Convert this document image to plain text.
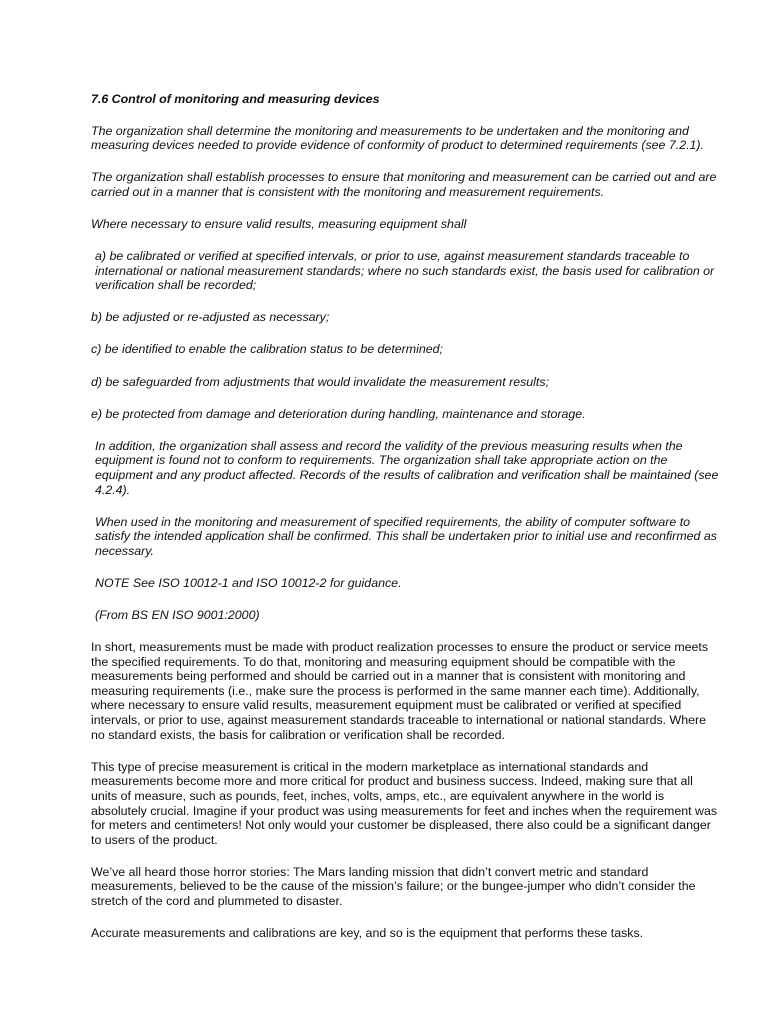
7.6 Control of monitoring and measuring devices
The organization shall determine the monitoring and measurements to be undertaken and the monitoring and measuring devices needed to provide evidence of conformity of product to determined requirements (see 7.2.1).
The organization shall establish processes to ensure that monitoring and measurement can be carried out and are carried out in a manner that is consistent with the monitoring and measurement requirements.
Where necessary to ensure valid results, measuring equipment shall
a) be calibrated or verified at specified intervals, or prior to use, against measurement standards traceable to international or national measurement standards; where no such standards exist, the basis used for calibration or verification shall be recorded;
b) be adjusted or re-adjusted as necessary;
c) be identified to enable the calibration status to be determined;
d) be safeguarded from adjustments that would invalidate the measurement results;
e) be protected from damage and deterioration during handling, maintenance and storage.
In addition, the organization shall assess and record the validity of the previous measuring results when the equipment is found not to conform to requirements. The organization shall take appropriate action on the equipment and any product affected. Records of the results of calibration and verification shall be maintained (see 4.2.4).
When used in the monitoring and measurement of specified requirements, the ability of computer software to satisfy the intended application shall be confirmed. This shall be undertaken prior to initial use and reconfirmed as necessary.
NOTE See ISO 10012-1 and ISO 10012-2 for guidance.
(From BS EN ISO 9001:2000)
In short, measurements must be made with product realization processes to ensure the product or service meets the specified requirements. To do that, monitoring and measuring equipment should be compatible with the measurements being performed and should be carried out in a manner that is consistent with monitoring and measuring requirements (i.e., make sure the process is performed in the same manner each time). Additionally, where necessary to ensure valid results, measurement equipment must be calibrated or verified at specified intervals, or prior to use, against measurement standards traceable to international or national standards. Where no standard exists, the basis for calibration or verification shall be recorded.
This type of precise measurement is critical in the modern marketplace as international standards and measurements become more and more critical for product and business success. Indeed, making sure that all units of measure, such as pounds, feet, inches, volts, amps, etc., are equivalent anywhere in the world is absolutely crucial. Imagine if your product was using measurements for feet and inches when the requirement was for meters and centimeters! Not only would your customer be displeased, there also could be a significant danger to users of the product.
We’ve all heard those horror stories: The Mars landing mission that didn’t convert metric and standard measurements, believed to be the cause of the mission’s failure; or the bungee-jumper who didn’t consider the stretch of the cord and plummeted to disaster.
Accurate measurements and calibrations are key, and so is the equipment that performs these tasks.
